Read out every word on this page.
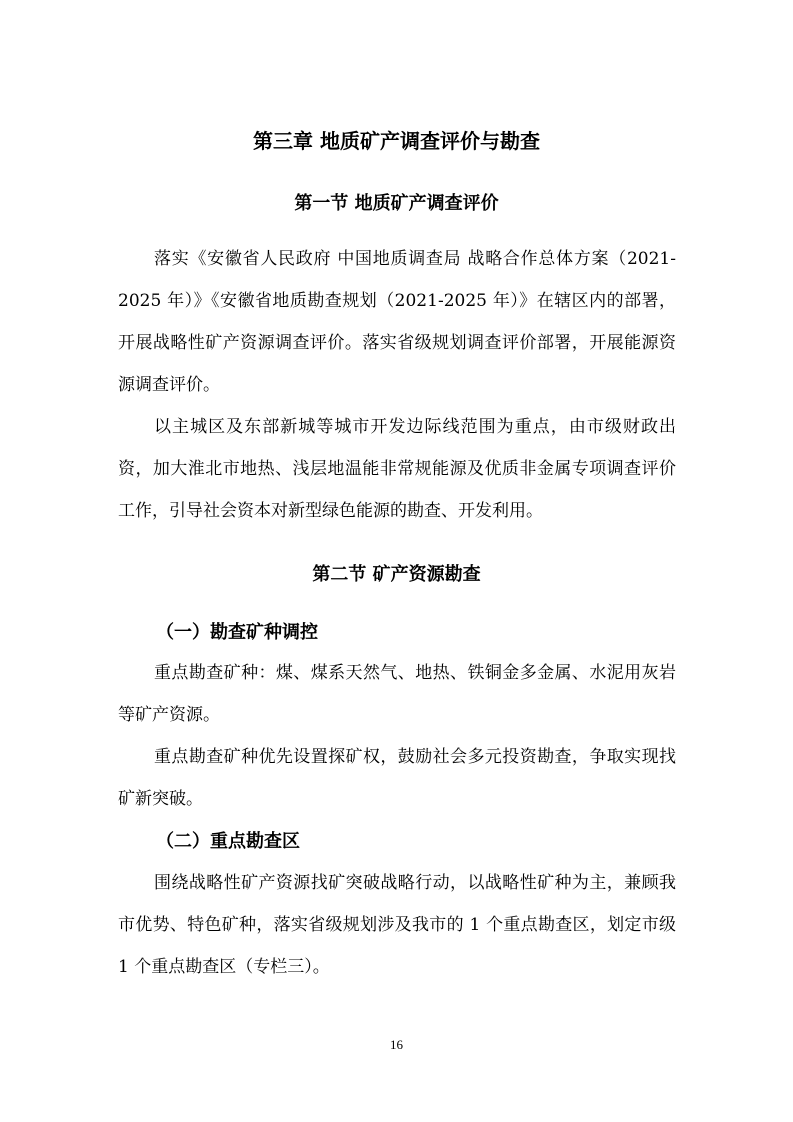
第三章 地质矿产调查评价与勘查
第一节 地质矿产调查评价

落实《安徽省人民政府 中国地质调查局 战略合作总体方案（2021-2025 年）》《安徽省地质勘查规划（2021-2025 年）》在辖区内的部署，开展战略性矿产资源调查评价。落实省级规划调查评价部署，开展能源资源调查评价。

以主城区及东部新城等城市开发边际线范围为重点，由市级财政出资，加大淮北市地热、浅层地温能非常规能源及优质非金属专项调查评价工作，引导社会资本对新型绿色能源的勘查、开发利用。

第二节 矿产资源勘查
（一）勘查矿种调控

重点勘查矿种：煤、煤系天然气、地热、铁铜金多金属、水泥用灰岩等矿产资源。

重点勘查矿种优先设置探矿权，鼓励社会多元投资勘查，争取实现找矿新突破。

（二）重点勘查区

围绕战略性矿产资源找矿突破战略行动，以战略性矿种为主，兼顾我市优势、特色矿种，落实省级规划涉及我市的 1 个重点勘查区，划定市级 1 个重点勘查区（专栏三）。

16
